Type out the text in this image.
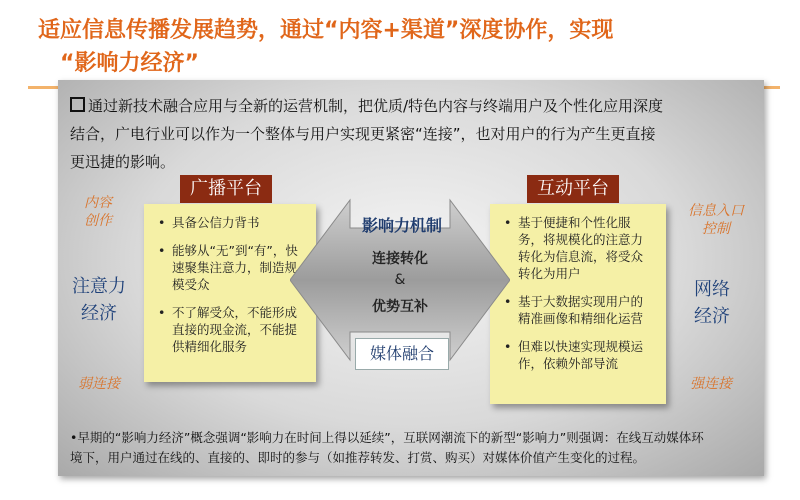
适应信息传播发展趋势，通过“内容+渠道”深度协作，实现
“影响力经济”
通过新技术融合应用与全新的运营机制，把优质/特色内容与终端用户及个性化应用深度
结合，广电行业可以作为一个整体与用户实现更紧密“连接”，也对用户的行为产生更直接
更迅捷的影响。
广播平台
• 具备公信力背书
• 能够从“无”到“有”，快速聚集注意力，制造规模受众
• 不了解受众，不能形成直接的现金流，不能提供精细化服务
互动平台
• 基于便捷和个性化服务，将规模化的注意力转化为信息流，将受众转化为用户
• 基于大数据实现用户的精准画像和精细化运营
• 但难以快速实现规模运作，依赖外部导流
内容
创作
注意力
经济
弱连接
信息入口
控制
网络
经济
强连接
影响力机制
连接转化
&
优势互补
媒体融合
•早期的“影响力经济”概念强调“影响力在时间上得以延续”，互联网潮流下的新型“影响力”则强调：在线互动媒体环
境下，用户通过在线的、直接的、即时的参与（如推荐转发、打赏、购买）对媒体价值产生变化的过程。
